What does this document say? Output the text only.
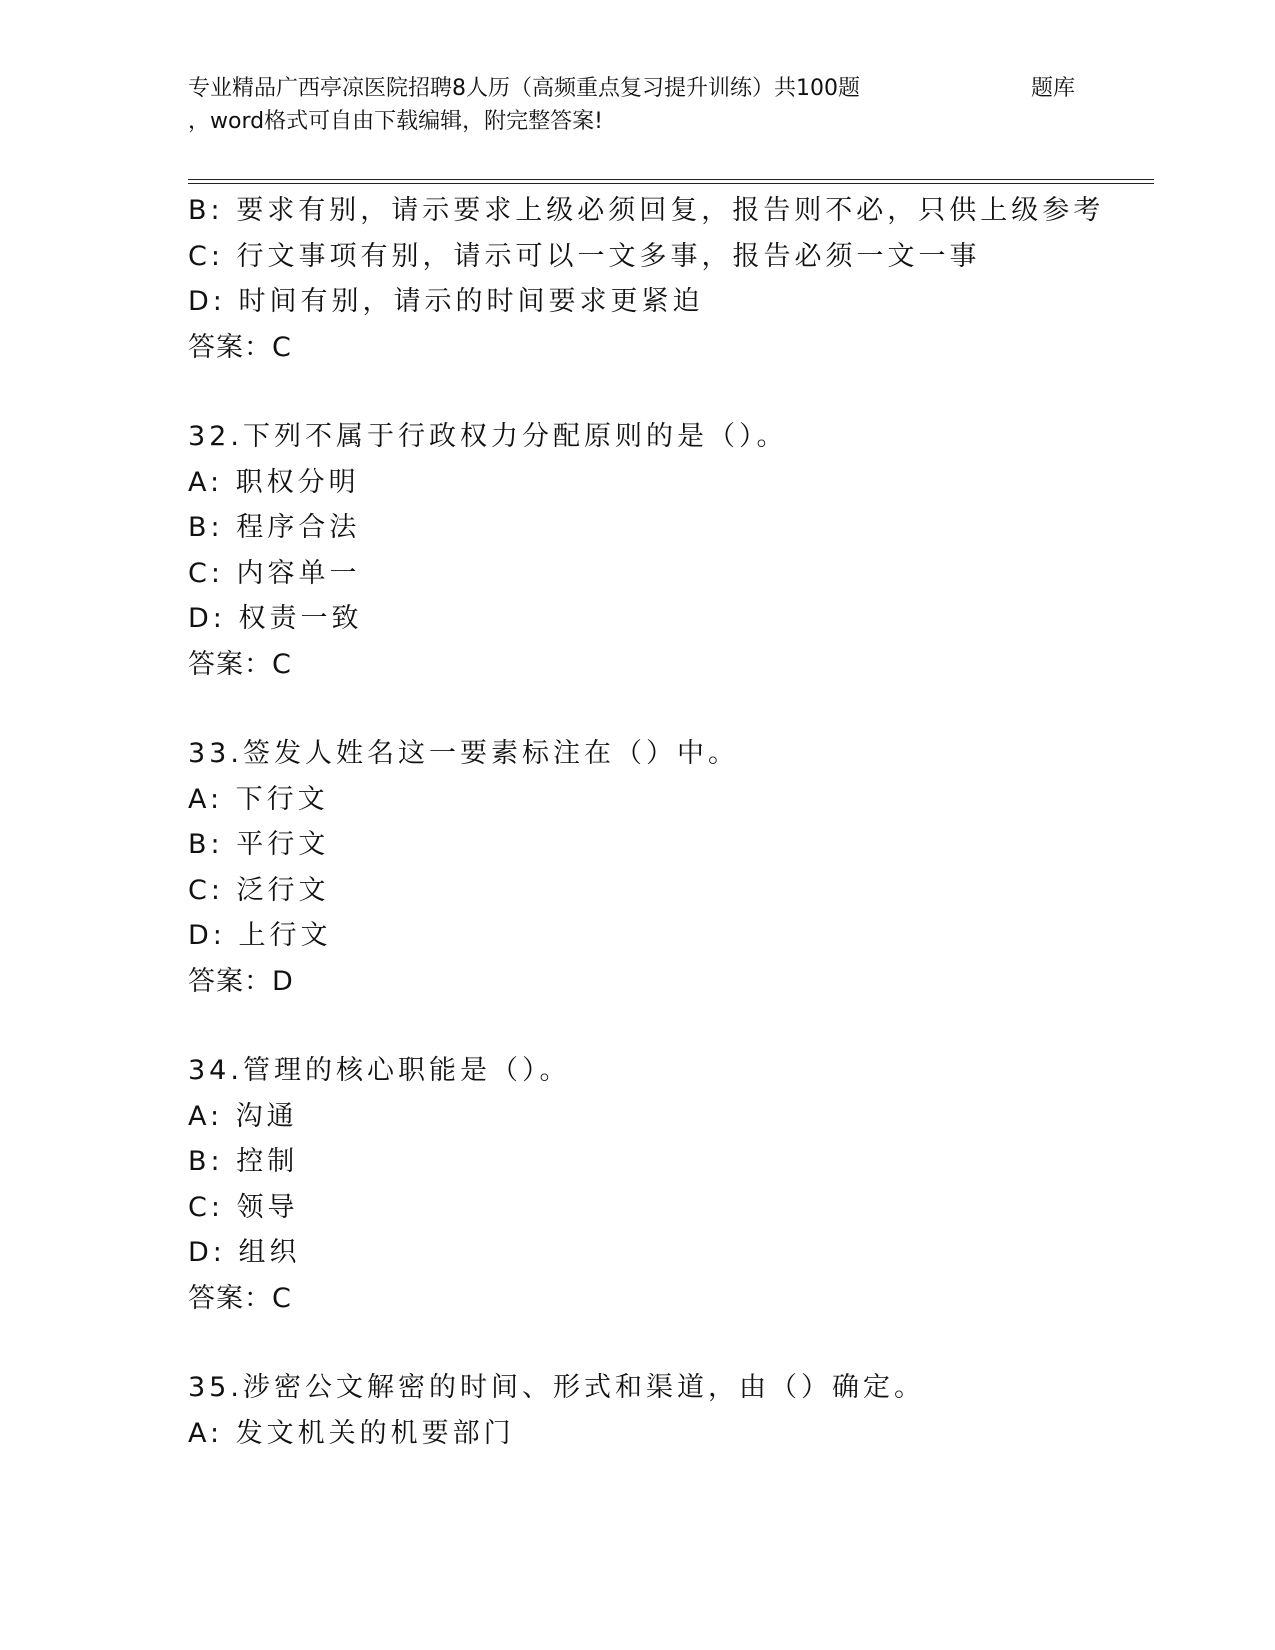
专业精品广西亭凉医院招聘8人历（高频重点复习提升训练）共100题	题库
，word格式可自由下载编辑，附完整答案!
B: 要求有别，请示要求上级必须回复，报告则不必，只供上级参考
C: 行文事项有别，请示可以一文多事，报告必须一文一事
D: 时间有别，请示的时间要求更紧迫
答案：C
32.下列不属于行政权力分配原则的是（）。
A: 职权分明
B: 程序合法
C: 内容单一
D: 权责一致
答案：C
33.签发人姓名这一要素标注在（）中。
A: 下行文
B: 平行文
C: 泛行文
D: 上行文
答案：D
34.管理的核心职能是（）。
A: 沟通
B: 控制
C: 领导
D: 组织
答案：C
35.涉密公文解密的时间、形式和渠道，由（）确定。
A: 发文机关的机要部门
